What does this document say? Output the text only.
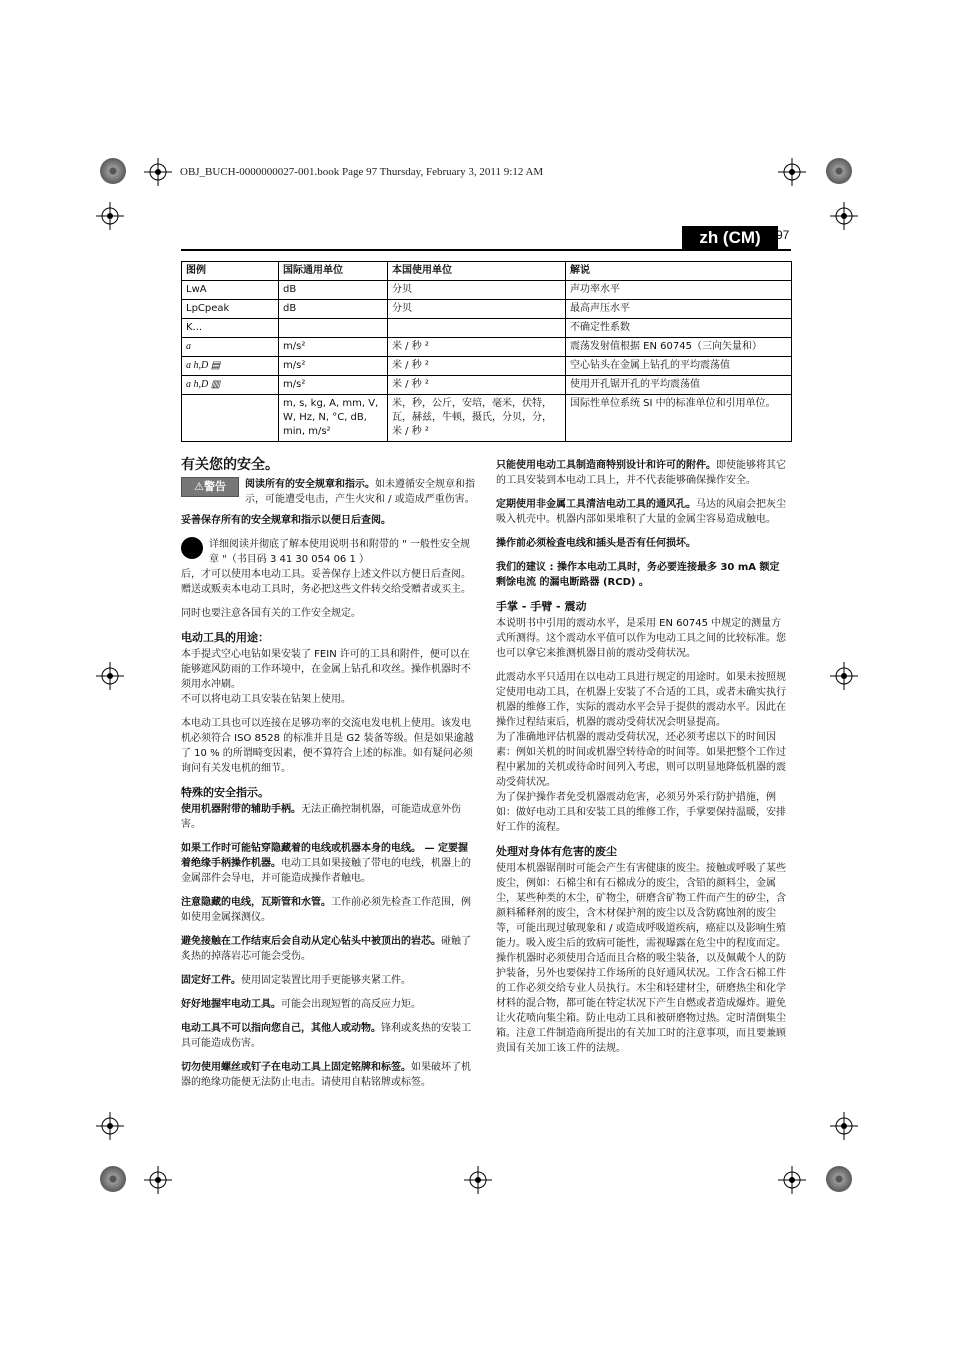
OBJ_BUCH-0000000027-001.book Page 97 Thursday, February 3, 2011 9:12 AM
zh (CM)	97
图例	国际通用单位	本国使用单位	解说
LwA	dB	分贝	声功率水平
LpCpeak	dB	分贝	最高声压水平
K...			不确定性系数
a	m/s²	米 / 秒 ²	震荡发射值根据 EN 60745（三向矢量和）
a h,D ▤	m/s²	米 / 秒 ²	空心钻头在金属上钻孔的平均震荡值
a h,D ▥	m/s²	米 / 秒 ²	使用开孔锯开孔的平均震荡值
	m, s, kg, A, mm, V, W, Hz, N, °C, dB, min, m/s²	米，秒，公斤，安培，毫米，伏特，瓦，赫兹，牛顿，摄氏，分贝，分，米 / 秒 ²	国际性单位系统 SI 中的标准单位和引用单位。
有关您的安全。
⚠警告	阅读所有的安全规章和指示。如未遵循安全规章和指示，可能遭受电击，产生火灾和 / 或造成严重伤害。

妥善保存所有的安全规章和指示以便日后查阅。

详细阅读并彻底了解本使用说明书和附带的 " 一般性安全规章 "（书目码 3 41 30 054 06 1 ）

后，才可以使用本电动工具。妥善保存上述文件以方便日后查阅。赠送或贩卖本电动工具时，务必把这些文件转交给受赠者或买主。

同时也要注意各国有关的工作安全规定。

电动工具的用途：
本手提式空心电钻如果安装了 FEIN 许可的工具和附件，便可以在能够遮风防雨的工作环境中，在金属上钻孔和攻丝。操作机器时不须用水冲刷。

不可以将电动工具安装在钻架上使用。

本电动工具也可以连接在足够功率的交流电发电机上使用。该发电机必须符合 ISO 8528 的标准并且是 G2 装备等级。但是如果逾越了 10 % 的所谓畸变因素，便不算符合上述的标准。如有疑问必须询问有关发电机的细节。

特殊的安全指示。

使用机器附带的辅助手柄。无法正确控制机器，可能造成意外伤害。

如果工作时可能钻穿隐藏着的电线或机器本身的电线。 — 定要握着绝缘手柄操作机器。电动工具如果接触了带电的电线，机器上的金属部件会导电，并可能造成操作者触电。

注意隐藏的电线，瓦斯管和水管。工作前必须先检查工作范围，例如使用金属探测仪。

避免接触在工作结束后会自动从定心钻头中被顶出的岩芯。碰触了炙热的掉落岩芯可能会受伤。

固定好工件。使用固定装置比用手更能够夹紧工件。

好好地握牢电动工具。可能会出现短暂的高反应力矩。

电动工具不可以指向您自己，其他人或动物。锋利或炙热的安装工具可能造成伤害。

切勿使用螺丝或钉子在电动工具上固定铭牌和标签。如果破坏了机器的绝缘功能便无法防止电击。请使用自粘铭牌或标签。

只能使用电动工具制造商特别设计和许可的附件。即使能够将其它的工具安装到本电动工具上，并不代表能够确保操作安全。

定期使用非金属工具清洁电动工具的通风孔。马达的风扇会把灰尘吸入机壳中。机器内部如果堆积了大量的金属尘容易造成触电。

操作前必须检查电线和插头是否有任何损坏。

我们的建议 : 操作本电动工具时，务必要连接最多 30 mA 额定剩馀电流 的漏电断路器 (RCD) 。

手掌 - 手臂 - 震动

本说明书中引用的震动水平，是采用 EN 60745 中规定的测量方式所测得。这个震动水平值可以作为电动工具之间的比较标准。您也可以拿它来推测机器目前的震动受荷状况。

此震动水平只适用在以电动工具进行规定的用途时。如果未按照规定使用电动工具，在机器上安装了不合适的工具，或者未确实执行机器的维修工作，实际的震动水平会异于提供的震动水平。因此在操作过程结束后，机器的震动受荷状况会明显提高。
为了准确地评估机器的震动受荷状况，还必须考虑以下的时间因素：例如关机的时间或机器空转待命的时间等。如果把整个工作过程中累加的关机或待命时间列入考虑，则可以明显地降低机器的震动受荷状况。

为了保护操作者免受机器震动危害，必须另外采行防护措施，例如：做好电动工具和安装工具的维修工作，手掌要保持温暖，安排好工作的流程。

处理对身体有危害的废尘

使用本机器锯削时可能会产生有害健康的废尘。接触或呼吸了某些废尘，例如：石棉尘和有石棉成分的废尘，含铅的颜料尘，金属尘，某些种类的木尘，矿物尘，研磨含矿物工件而产生的矽尘，含颜料稀释剂的废尘，含木材保护剂的废尘以及含防腐蚀剂的废尘等，可能出现过敏现象和 / 或造成呼吸道疾病，癌症以及影响生殖能力。吸入废尘后的致病可能性，需视曝露在危尘中的程度而定。操作机器时必须使用合适而且合格的吸尘装备，以及佩戴个人的防护装备，另外也要保持工作场所的良好通风状况。工作含石棉工件的工作必须交给专业人员执行。木尘和轻建材尘，研磨热尘和化学材料的混合物，都可能在特定状况下产生自燃或者造成爆炸。避免让火花喷向集尘箱。防止电动工具和被研磨物过热。定时清倒集尘箱。注意工件制造商所提出的有关加工时的注意事项，而且要兼顾贵国有关加工该工件的法规。
